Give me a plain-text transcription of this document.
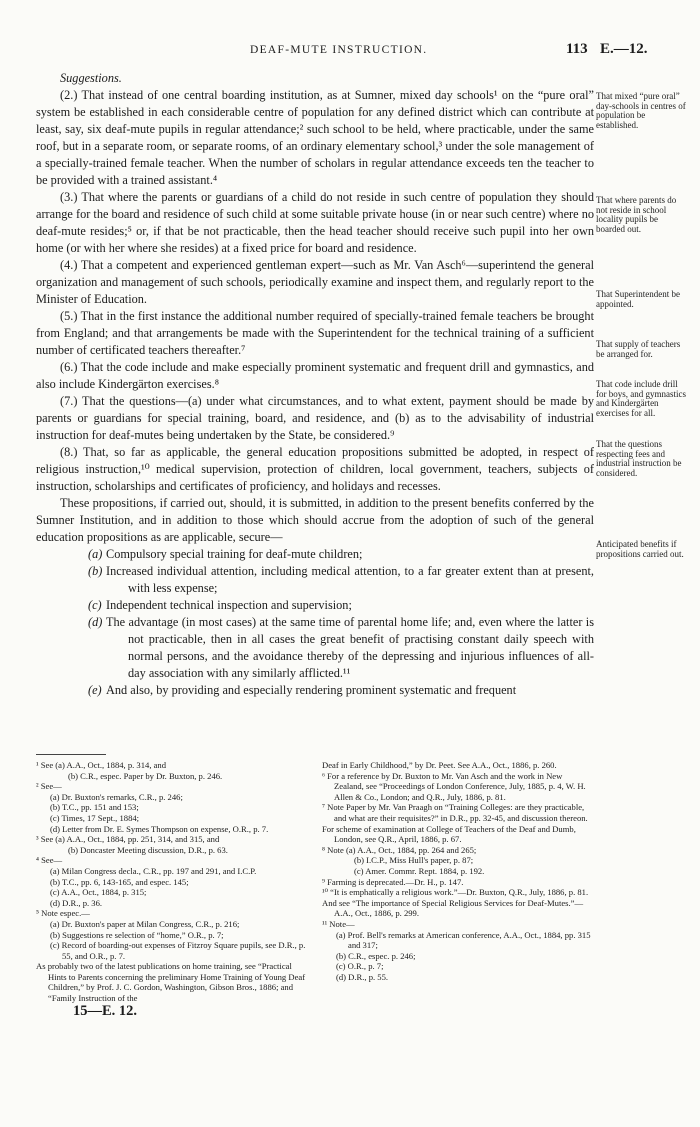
DEAF-MUTE INSTRUCTION.	113 E.—12.

Suggestions.

(2.) That instead of one central boarding institution, as at Sumner, mixed day schools¹ on the “pure oral” system be established in each considerable centre of population for any defined district which can contribute at least, say, six deaf-mute pupils in regular attendance;² such school to be held, where practicable, under the same roof, but in a separate room, or separate rooms, of an ordinary elementary school,³ under the sole management of a specially-trained female teacher. When the number of scholars in regular attendance exceeds ten the teacher to be provided with a trained assistant.⁴

(3.) That where the parents or guardians of a child do not reside in such centre of population they should arrange for the board and residence of such child at some suitable private house (in or near such centre) where no deaf-mute resides;⁵ or, if that be not practicable, then the head teacher should receive such pupil into her own home (or with her where she resides) at a fixed price for board and residence.

(4.) That a competent and experienced gentleman expert—such as Mr. Van Asch⁶—superintend the general organization and management of such schools, periodically examine and inspect them, and regularly report to the Minister of Education.

(5.) That in the first instance the additional number required of specially-trained female teachers be brought from England; and that arrangements be made with the Superintendent for the technical training of a sufficient number of certificated teachers thereafter.⁷

(6.) That the code include and make especially prominent systematic and frequent drill and gymnastics, and also include Kindergärton exercises.⁸

(7.) That the questions—(a) under what circumstances, and to what extent, payment should be made by parents or guardians for special training, board, and residence, and (b) as to the advisability of industrial instruction for deaf-mutes being undertaken by the State, be considered.⁹

(8.) That, so far as applicable, the general education propositions submitted be adopted, in respect of religious instruction,¹⁰ medical supervision, protection of children, local government, teachers, subjects of instruction, scholarships and certificates of proficiency, and holidays and recesses.

These propositions, if carried out, should, it is submitted, in addition to the present benefits conferred by the Sumner Institution, and in addition to those which should accrue from the adoption of such of the general education propositions as are applicable, secure—

(a) Compulsory special training for deaf-mute children;
(b) Increased individual attention, including medical attention, to a far greater extent than at present, with less expense;
(c) Independent technical inspection and supervision;
(d) The advantage (in most cases) at the same time of parental home life; and, even where the latter is not practicable, then in all cases the great benefit of practising constant daily speech with normal persons, and the avoidance thereby of the depressing and injurious influences of all-day association with any similarly afflicted.¹¹
(e) And also, by providing and especially rendering prominent systematic and frequent
That mixed “pure oral” day-schools in centres of population be established.
That where parents do not reside in school locality pupils be boarded out.
That Superintendent be appointed.
That supply of teachers be arranged for.
That code include drill for boys, and gymnastics and Kindergärten exercises for all.
That the questions respecting fees and industrial instruction be considered.
Anticipated benefits if propositions carried out.
¹ See (a) A.A., Oct., 1884, p. 314, and
(b) C.R., espec. Paper by Dr. Buxton, p. 246.
² See—
(a) Dr. Buxton's remarks, C.R., p. 246;
(b) T.C., pp. 151 and 153;
(c) Times, 17 Sept., 1884;
(d) Letter from Dr. E. Symes Thompson on expense, O.R., p. 7.
³ See (a) A.A., Oct., 1884, pp. 251, 314, and 315, and
(b) Doncaster Meeting discussion, D.R., p. 63.
⁴ See—
(a) Milan Congress decla., C.R., pp. 197 and 291, and I.C.P.
(b) T.C., pp. 6, 143-165, and espec. 145;
(c) A.A., Oct., 1884, p. 315;
(d) D.R., p. 36.
⁵ Note espec.—
(a) Dr. Buxton's paper at Milan Congress, C.R., p. 216;
(b) Suggestions re selection of “home,” O.R., p. 7;
(c) Record of boarding-out expenses of Fitzroy Square pupils, see D.R., p. 55, and O.R., p. 7.
As probably two of the latest publications on home training, see “Practical Hints to Parents concerning the preliminary Home Training of Young Deaf Children,” by Prof. J. C. Gordon, Washington, Gibson Bros., 1886; and “Family Instruction of the
Deaf in Early Childhood,” by Dr. Peet. See A.A., Oct., 1886, p. 260.
⁶ For a reference by Dr. Buxton to Mr. Van Asch and the work in New Zealand, see “Proceedings of London Conference, July, 1885, p. 4, W. H. Allen & Co., London; and Q.R., July, 1886, p. 81.
⁷ Note Paper by Mr. Van Praagh on “Training Colleges: are they practicable, and what are their requisites?” in D.R., pp. 32-45, and discussion thereon.
For scheme of examination at College of Teachers of the Deaf and Dumb, London, see Q.R., April, 1886, p. 67.
⁸ Note (a) A.A., Oct., 1884, pp. 264 and 265;
(b) I.C.P., Miss Hull's paper, p. 87;
(c) Amer. Commr. Rept. 1884, p. 192.
⁹ Farming is deprecated.—Dr. H., p. 147.
¹⁰ “It is emphatically a religious work.”—Dr. Buxton, Q.R., July, 1886, p. 81.
And see “The importance of Special Religious Services for Deaf-Mutes.”—A.A., Oct., 1886, p. 299.
¹¹ Note—
(a) Prof. Bell's remarks at American conference, A.A., Oct., 1884, pp. 315 and 317;
(b) C.R., espec. p. 246;
(c) O.R., p. 7;
(d) D.R., p. 55.
15—E. 12.
